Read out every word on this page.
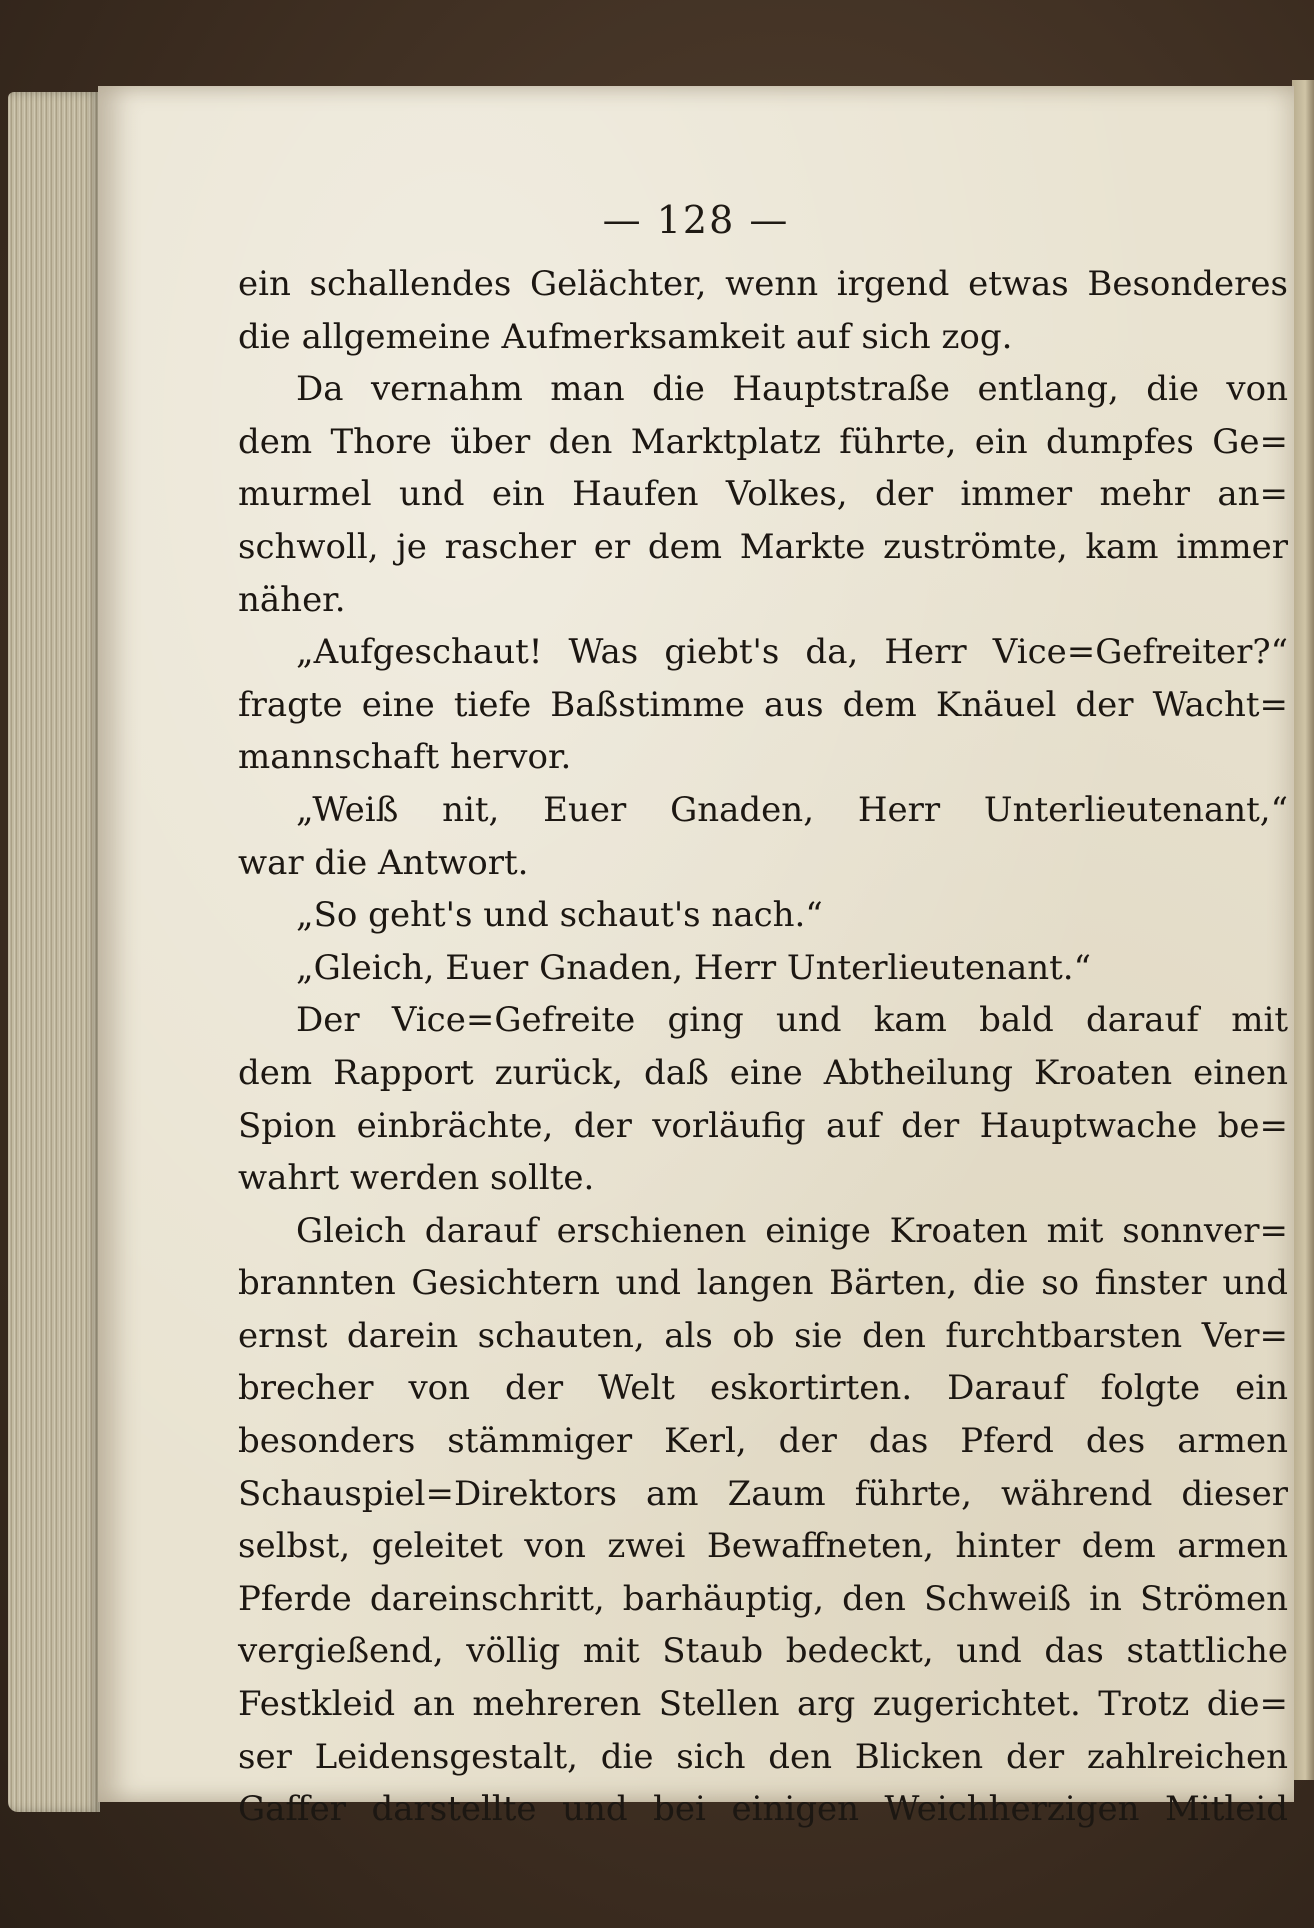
— 128 —
ein schallendes Gelächter, wenn irgend etwas Besonderes
die allgemeine Aufmerksamkeit auf sich zog.
Da vernahm man die Hauptstraße entlang, die von
dem Thore über den Marktplatz führte, ein dumpfes Ge=
murmel und ein Haufen Volkes, der immer mehr an=
schwoll, je rascher er dem Markte zuströmte, kam immer
näher.
„Aufgeschaut! Was giebt's da, Herr Vice=Gefreiter?“
fragte eine tiefe Baßstimme aus dem Knäuel der Wacht=
mannschaft hervor.
„Weiß nit, Euer Gnaden, Herr Unterlieutenant,“
war die Antwort.
„So geht's und schaut's nach.“
„Gleich, Euer Gnaden, Herr Unterlieutenant.“
Der Vice=Gefreite ging und kam bald darauf mit
dem Rapport zurück, daß eine Abtheilung Kroaten einen
Spion einbrächte, der vorläufig auf der Hauptwache be=
wahrt werden sollte.
Gleich darauf erschienen einige Kroaten mit sonnver=
brannten Gesichtern und langen Bärten, die so finster und
ernst darein schauten, als ob sie den furchtbarsten Ver=
brecher von der Welt eskortirten. Darauf folgte ein
besonders stämmiger Kerl, der das Pferd des armen
Schauspiel=Direktors am Zaum führte, während dieser
selbst, geleitet von zwei Bewaffneten, hinter dem armen
Pferde dareinschritt, barhäuptig, den Schweiß in Strömen
vergießend, völlig mit Staub bedeckt, und das stattliche
Festkleid an mehreren Stellen arg zugerichtet. Trotz die=
ser Leidensgestalt, die sich den Blicken der zahlreichen
Gaffer darstellte und bei einigen Weichherzigen Mitleid
